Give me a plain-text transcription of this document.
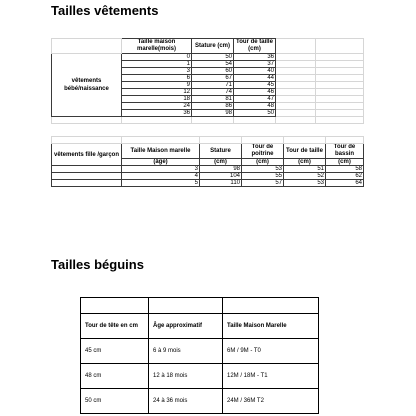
Tailles vêtements
	Taille maison marelle(mois)	Stature (cm)	Tour de taille (cm)		
vêtements bébé/naissance	0	50	36		
	1	54	37		
	3	60	40		
	6	67	44		
	9	71	45		
	12	74	46		
	18	81	47		
	24	86	48		
	36	98	50		

vêtements fille /garçon	Taille Maison marelle	Stature	Tour de poitrine	Tour de taille	Tour de bassin
	(âge)	(cm)	(cm)	(cm)	(cm)
	3	98	53	51	58
	4	104	55	52	62
	5	110	57	53	64
Tailles béguins

Tour de tête en cm	Âge approximatif	Taille Maison Marelle
45 cm	6 à 9 mois	6M / 9M - T0
48 cm	12 à 18 mois	12M / 18M - T1
50 cm	24 à 36 mois	24M / 36M T2
